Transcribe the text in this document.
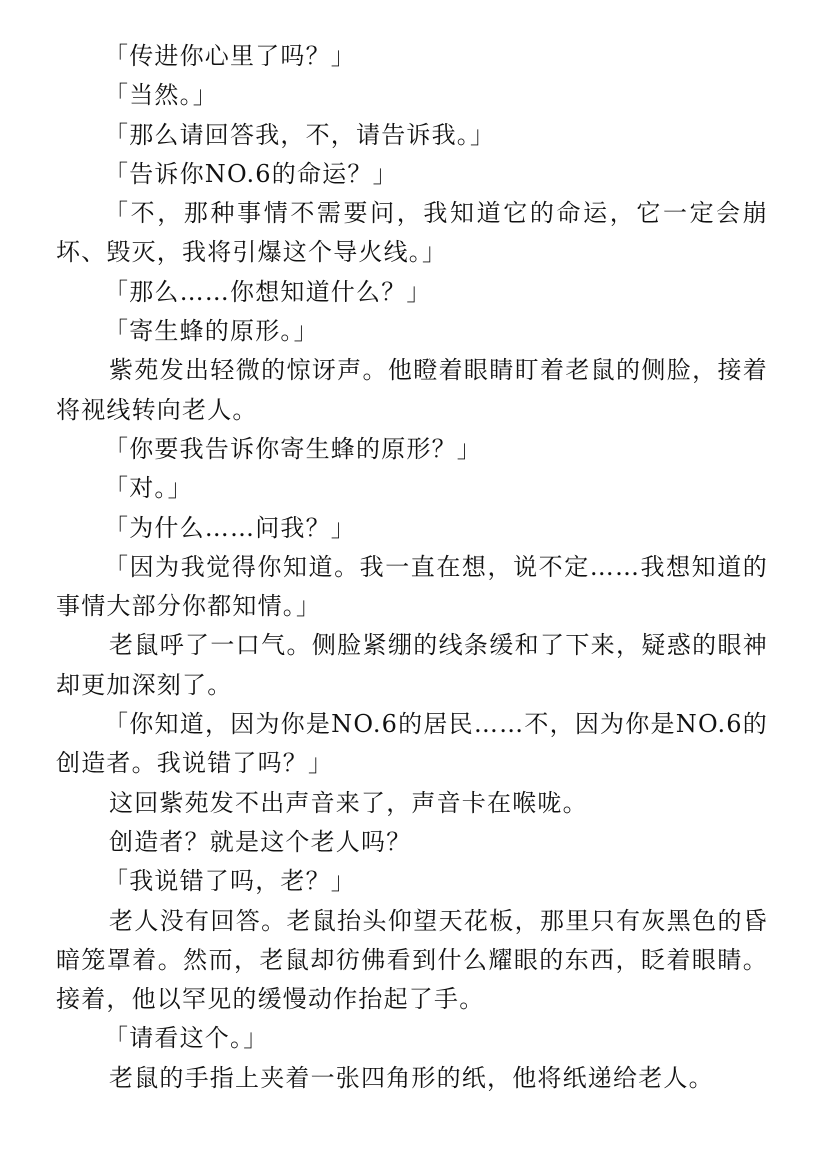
「传进你心里了吗？」

「当然。」

「那么请回答我，不，请告诉我。」

「告诉你NO.6的命运？」

「不，那种事情不需要问，我知道它的命运，它一定会崩坏、毁灭，我将引爆这个导火线。」

「那么……你想知道什么？」

「寄生蜂的原形。」

紫苑发出轻微的惊讶声。他瞪着眼睛盯着老鼠的侧脸，接着将视线转向老人。

「你要我告诉你寄生蜂的原形？」

「对。」

「为什么……问我？」

「因为我觉得你知道。我一直在想，说不定……我想知道的事情大部分你都知情。」

老鼠呼了一口气。侧脸紧绷的线条缓和了下来，疑惑的眼神却更加深刻了。

「你知道，因为你是NO.6的居民……不，因为你是NO.6的创造者。我说错了吗？」

这回紫苑发不出声音来了，声音卡在喉咙。

创造者？就是这个老人吗？

「我说错了吗，老？」

老人没有回答。老鼠抬头仰望天花板，那里只有灰黑色的昏暗笼罩着。然而，老鼠却彷佛看到什么耀眼的东西，眨着眼睛。接着，他以罕见的缓慢动作抬起了手。

「请看这个。」

老鼠的手指上夹着一张四角形的纸，他将纸递给老人。
